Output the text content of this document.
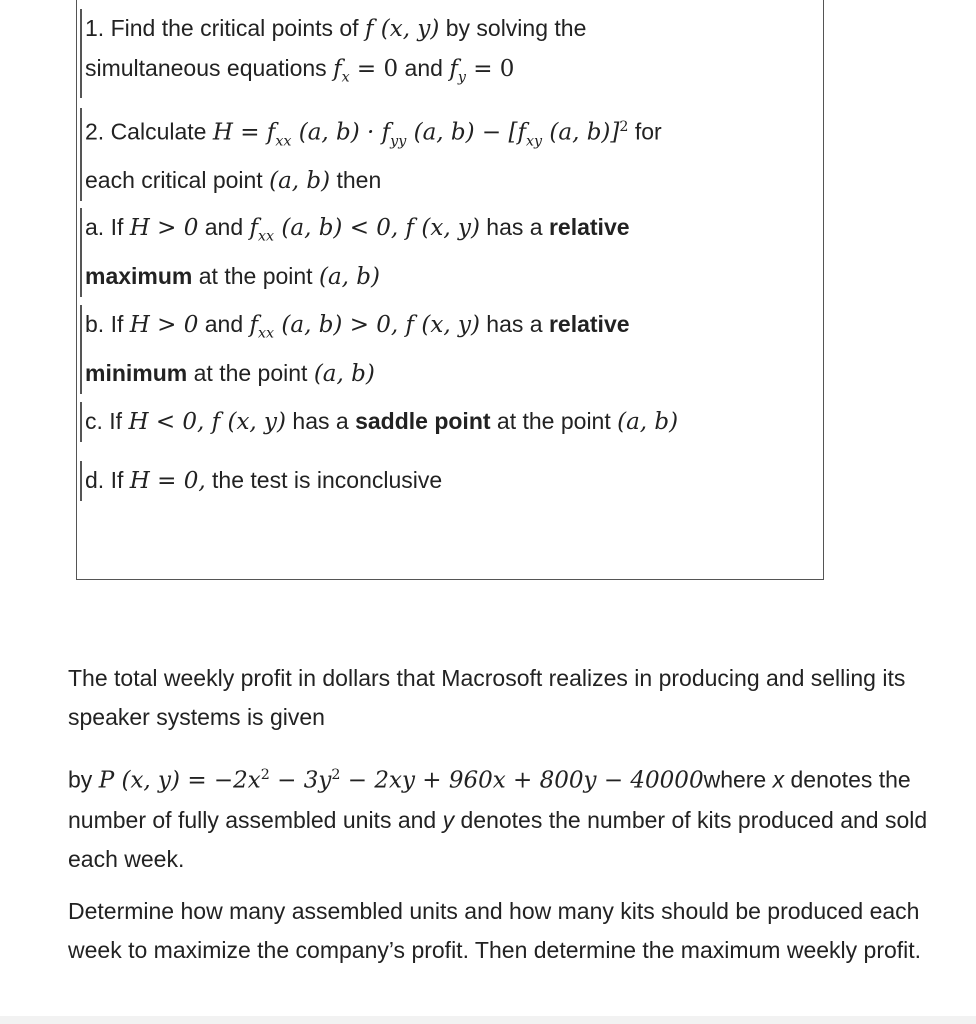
1. Find the critical points of f (x, y) by solving the
simultaneous equations $f_x = 0$ and $f_y = 0$
2. Calculate $H = f_{xx}$ (a, $b) \cdot f_{yy}$ (a, $b) - [f_{xy}$ (a, b)]$^2$ for
each critical point (a, b) then
a. If H > 0 and $f_{xx}$ (a, b) < 0, f (x, y) has a relative
maximum at the point (a, b)
b. If H > 0 and $f_{xx}$ (a, b) > 0, f (x, y) has a relative
minimum at the point (a, b)
c. If H < 0, f (x, y) has a saddle point at the point (a, b)
d. If H = 0, the test is inconclusive
The total weekly profit in dollars that Macrosoft realizes in producing and selling its speaker systems is given
by P (x, $y) = -2x^2 - 3y^2 - 2xy + 960x + 800y$ − 40000where x denotes the number of fully assembled units and y denotes the number of kits produced and sold each week.
Determine how many assembled units and how many kits should be produced each week to maximize the company’s profit. Then determine the maximum weekly profit.
